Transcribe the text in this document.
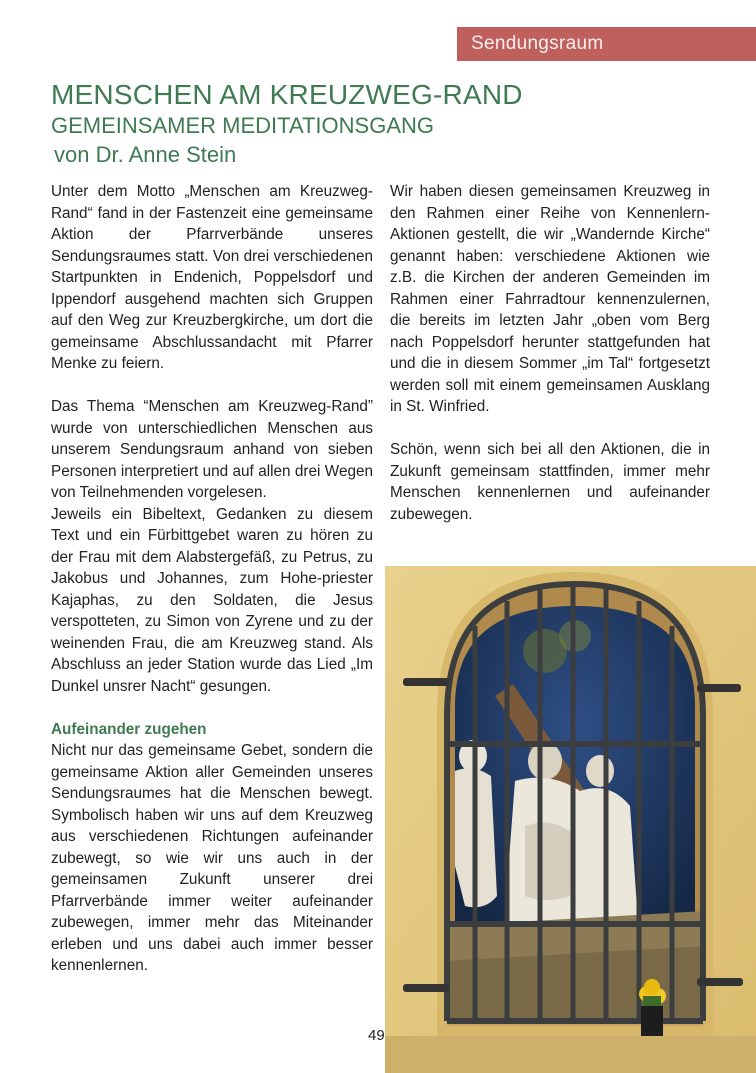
Sendungsraum
MENSCHEN AM KREUZWEG-RAND
GEMEINSAMER MEDITATIONSGANG
von Dr. Anne Stein

Unter dem Motto „Menschen am Kreuzweg-Rand“ fand in der Fastenzeit eine gemeinsame Aktion der Pfarrverbände unseres Sendungsraumes statt. Von drei verschiedenen Startpunkten in Endenich, Poppelsdorf und Ippendorf ausgehend machten sich Gruppen auf den Weg zur Kreuzbergkirche, um dort die gemeinsame Abschlussandacht mit Pfarrer Menke zu feiern.

Das Thema “Menschen am Kreuzweg-Rand” wurde von unterschiedlichen Menschen aus unserem Sendungsraum anhand von sieben Personen interpretiert und auf allen drei Wegen von Teilnehmenden vorgelesen.

Jeweils ein Bibeltext, Gedanken zu diesem Text und ein Fürbittgebet waren zu hören zu der Frau mit dem Alabstergefäß, zu Petrus, zu Jakobus und Johannes, zum Hohe-priester Kajaphas, zu den Soldaten, die Jesus verspotteten, zu Simon von Zyrene und zu der weinenden Frau, die am Kreuzweg stand. Als Abschluss an jeder Station wurde das Lied „Im Dunkel unsrer Nacht“ gesungen.

Aufeinander zugehen

Nicht nur das gemeinsame Gebet, sondern die gemeinsame Aktion aller Gemeinden unseres Sendungsraumes hat die Menschen bewegt. Symbolisch haben wir uns auf dem Kreuzweg aus verschiedenen Richtungen aufeinander zubewegt, so wie wir uns auch in der gemeinsamen Zukunft unserer drei Pfarrverbände immer weiter aufeinander zubewegen, immer mehr das Miteinander erleben und uns dabei auch immer besser kennenlernen.

Wir haben diesen gemeinsamen Kreuzweg in den Rahmen einer Reihe von Kennenlern-Aktionen gestellt, die wir „Wandernde Kirche“ genannt haben: verschiedene Aktionen wie z.B. die Kirchen der anderen Gemeinden im Rahmen einer Fahrradtour kennenzulernen, die bereits im letzten Jahr „oben vom Berg nach Poppelsdorf herunter stattgefunden hat und die in diesem Sommer „im Tal“ fortgesetzt werden soll mit einem gemeinsamen Ausklang in St. Winfried.

Schön, wenn sich bei all den Aktionen, die in Zukunft gemeinsam stattfinden, immer mehr Menschen kennenlernen und aufeinander zubewegen.

49
